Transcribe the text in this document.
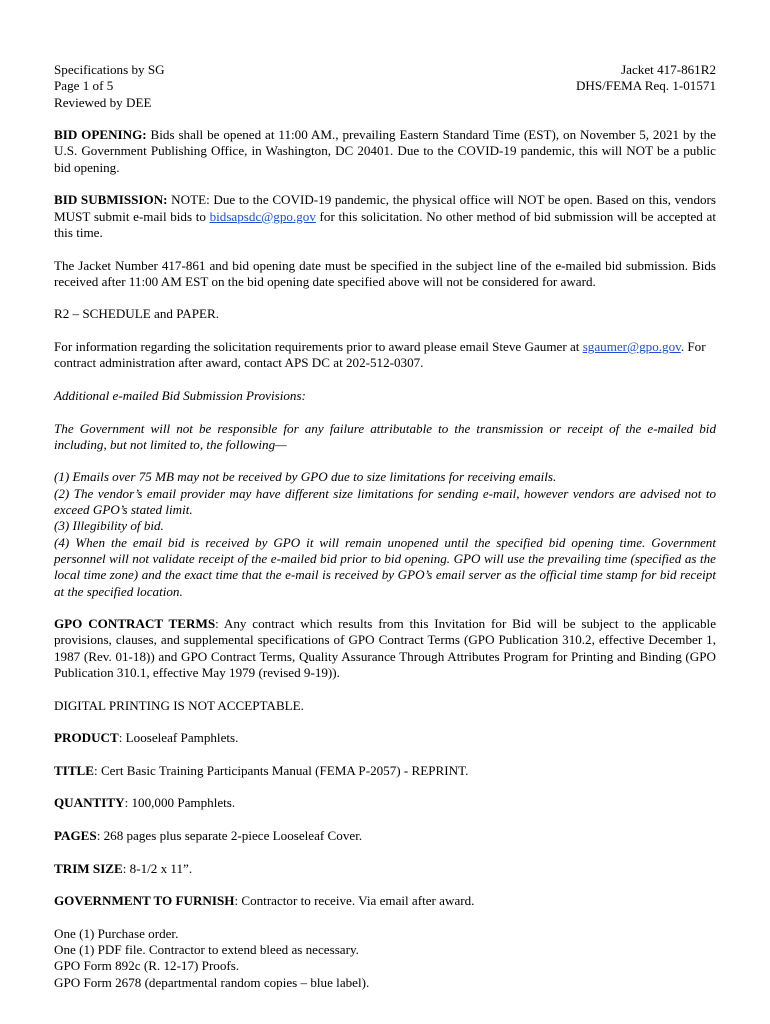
Specifications by SG
Page 1 of 5
Reviewed by DEE
Jacket 417-861R2
DHS/FEMA Req. 1-01571

BID OPENING: Bids shall be opened at 11:00 AM., prevailing Eastern Standard Time (EST), on November 5, 2021 by the U.S. Government Publishing Office, in Washington, DC 20401. Due to the COVID-19 pandemic, this will NOT be a public bid opening.

BID SUBMISSION: NOTE: Due to the COVID-19 pandemic, the physical office will NOT be open. Based on this, vendors MUST submit e-mail bids to bidsapsdc@gpo.gov for this solicitation. No other method of bid submission will be accepted at this time.

The Jacket Number 417-861 and bid opening date must be specified in the subject line of the e-mailed bid submission. Bids received after 11:00 AM EST on the bid opening date specified above will not be considered for award.

R2 – SCHEDULE and PAPER.

For information regarding the solicitation requirements prior to award please email Steve Gaumer at sgaumer@gpo.gov. For contract administration after award, contact APS DC at 202-512-0307.

Additional e-mailed Bid Submission Provisions:

The Government will not be responsible for any failure attributable to the transmission or receipt of the e-mailed bid including, but not limited to, the following—

(1) Emails over 75 MB may not be received by GPO due to size limitations for receiving emails.

(2) The vendor’s email provider may have different size limitations for sending e-mail, however vendors are advised not to exceed GPO’s stated limit.

(3) Illegibility of bid.

(4) When the email bid is received by GPO it will remain unopened until the specified bid opening time. Government personnel will not validate receipt of the e-mailed bid prior to bid opening. GPO will use the prevailing time (specified as the local time zone) and the exact time that the e-mail is received by GPO’s email server as the official time stamp for bid receipt at the specified location.

GPO CONTRACT TERMS: Any contract which results from this Invitation for Bid will be subject to the applicable provisions, clauses, and supplemental specifications of GPO Contract Terms (GPO Publication 310.2, effective December 1, 1987 (Rev. 01-18)) and GPO Contract Terms, Quality Assurance Through Attributes Program for Printing and Binding (GPO Publication 310.1, effective May 1979 (revised 9-19)).

DIGITAL PRINTING IS NOT ACCEPTABLE.

PRODUCT: Looseleaf Pamphlets.

TITLE: Cert Basic Training Participants Manual (FEMA P-2057) - REPRINT.

QUANTITY: 100,000 Pamphlets.

PAGES: 268 pages plus separate 2-piece Looseleaf Cover.

TRIM SIZE: 8-1/2 x 11”.

GOVERNMENT TO FURNISH: Contractor to receive. Via email after award.

One (1) Purchase order.

One (1) PDF file. Contractor to extend bleed as necessary.

GPO Form 892c (R. 12-17) Proofs.

GPO Form 2678 (departmental random copies – blue label).
